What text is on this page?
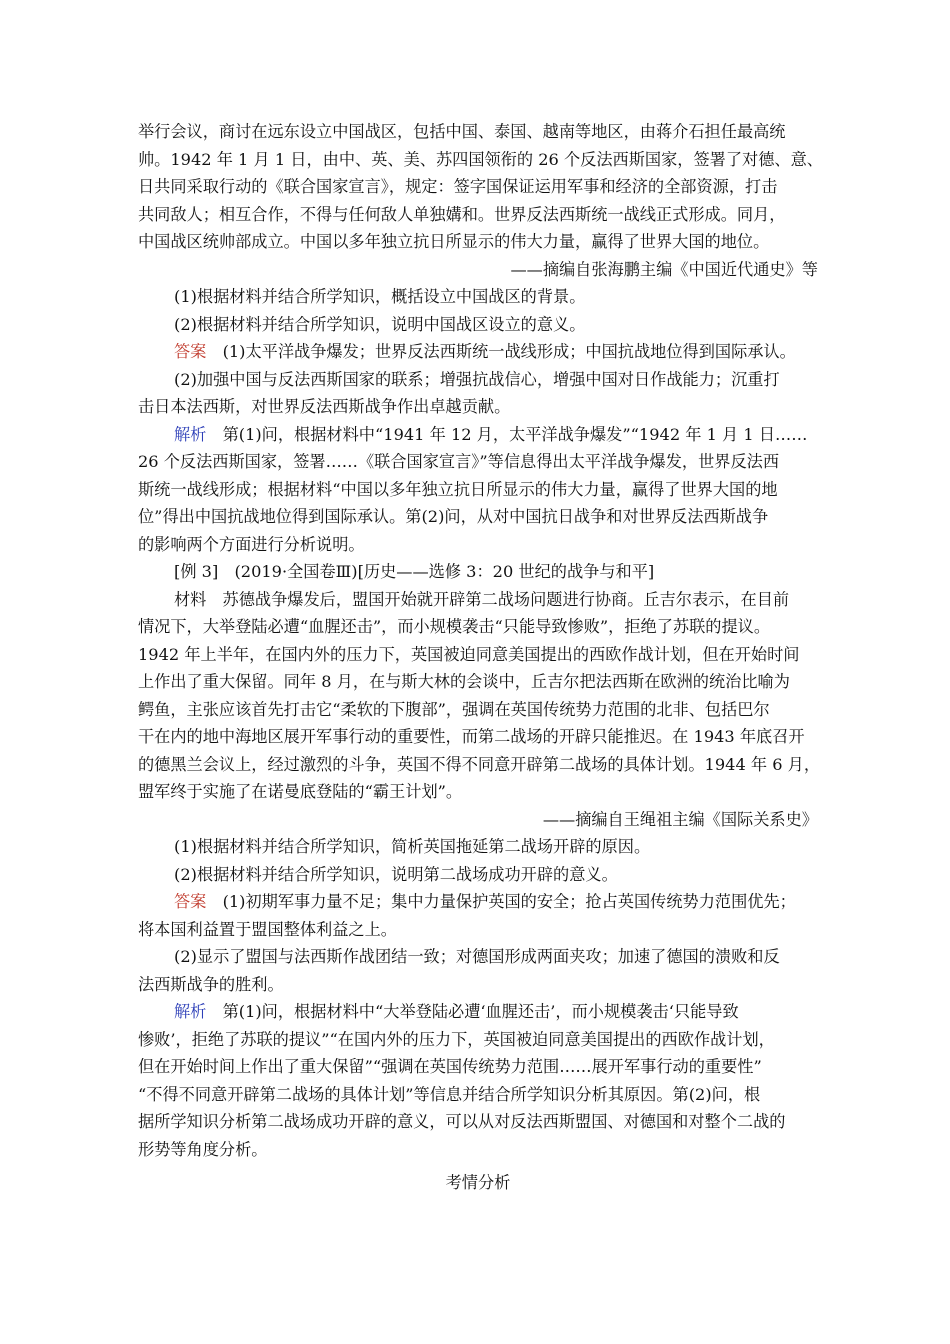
举行会议，商讨在远东设立中国战区，包括中国、泰国、越南等地区，由蒋介石担任最高统
帅。1942 年 1 月 1 日，由中、英、美、苏四国领衔的 26 个反法西斯国家，签署了对德、意、
日共同采取行动的《联合国家宣言》，规定：签字国保证运用军事和经济的全部资源，打击
共同敌人；相互合作，不得与任何敌人单独媾和。世界反法西斯统一战线正式形成。同月，
中国战区统帅部成立。中国以多年独立抗日所显示的伟大力量，赢得了世界大国的地位。
——摘编自张海鹏主编《中国近代通史》等
(1)根据材料并结合所学知识，概括设立中国战区的背景。
(2)根据材料并结合所学知识，说明中国战区设立的意义。
答案　 (1)太平洋战争爆发；世界反法西斯统一战线形成；中国抗战地位得到国际承认。
(2)加强中国与反法西斯国家的联系；增强抗战信心，增强中国对日作战能力；沉重打
击日本法西斯，对世界反法西斯战争作出卓越贡献。
解析　 第(1)问，根据材料中“1941 年 12 月，太平洋战争爆发”“1942 年 1 月 1 日……
26 个反法西斯国家，签署……《联合国家宣言》”等信息得出太平洋战争爆发，世界反法西
斯统一战线形成；根据材料“中国以多年独立抗日所显示的伟大力量，赢得了世界大国的地
位”得出中国抗战地位得到国际承认。第(2)问，从对中国抗日战争和对世界反法西斯战争
的影响两个方面进行分析说明。
[例 3]　(2019·全国卷Ⅲ)[历史——选修 3：20 世纪的战争与和平]
材料　苏德战争爆发后，盟国开始就开辟第二战场问题进行协商。丘吉尔表示，在目前
情况下，大举登陆必遭“血腥还击”，而小规模袭击“只能导致惨败”，拒绝了苏联的提议。
1942 年上半年，在国内外的压力下，英国被迫同意美国提出的西欧作战计划，但在开始时间
上作出了重大保留。同年 8 月，在与斯大林的会谈中，丘吉尔把法西斯在欧洲的统治比喻为
鳄鱼，主张应该首先打击它“柔软的下腹部”，强调在英国传统势力范围的北非、包括巴尔
干在内的地中海地区展开军事行动的重要性，而第二战场的开辟只能推迟。在 1943 年底召开
的德黑兰会议上，经过激烈的斗争，英国不得不同意开辟第二战场的具体计划。1944 年 6 月，
盟军终于实施了在诺曼底登陆的“霸王计划”。
——摘编自王绳祖主编《国际关系史》
(1)根据材料并结合所学知识，简析英国拖延第二战场开辟的原因。
(2)根据材料并结合所学知识，说明第二战场成功开辟的意义。
答案　 (1)初期军事力量不足；集中力量保护英国的安全；抢占英国传统势力范围优先；
将本国利益置于盟国整体利益之上。
(2)显示了盟国与法西斯作战团结一致；对德国形成两面夹攻；加速了德国的溃败和反
法西斯战争的胜利。
解析　 第(1)问，根据材料中“大举登陆必遭‘血腥还击’，而小规模袭击‘只能导致
惨败’，拒绝了苏联的提议”“在国内外的压力下，英国被迫同意美国提出的西欧作战计划，
但在开始时间上作出了重大保留”“强调在英国传统势力范围……展开军事行动的重要性”
“不得不同意开辟第二战场的具体计划”等信息并结合所学知识分析其原因。第(2)问，根
据所学知识分析第二战场成功开辟的意义，可以从对反法西斯盟国、对德国和对整个二战的
形势等角度分析。
考情分析
